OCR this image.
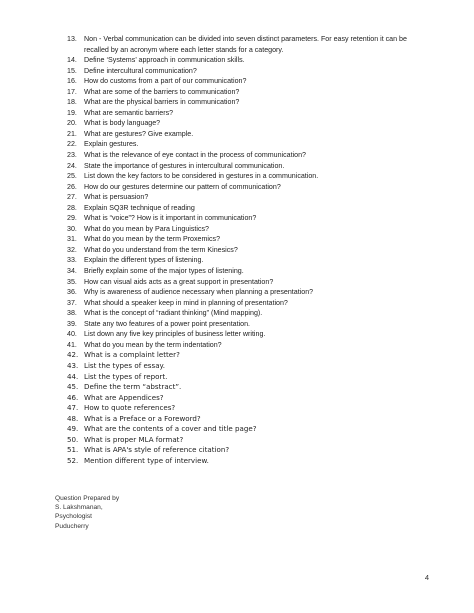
13.	Non - Verbal communication can be divided into seven distinct parameters. For easy retention it can be recalled by an acronym where each letter stands for a category.
14.	Define ‘Systems’ approach in communication skills.
15.	Define intercultural communication?
16.	How do customs from a part of our communication?
17.	What are some of the barriers to communication?
18.	What are the physical barriers in communication?
19.	What are semantic barriers?
20.	What is body language?
21.	What are gestures? Give example.
22.	Explain gestures.
23.	What is the relevance of eye contact in the process of communication?
24.	State the importance of gestures in intercultural communication.
25.	List down the key factors to be considered in gestures in a communication.
26.	How do our gestures determine our pattern of communication?
27.	What is persuasion?
28.	Explain SQ3R technique of reading
29.	What is “voice”? How is it important in communication?
30.	What do you mean by Para Linguistics?
31.	What do you mean by the term Proxemics?
32.	What do you understand from the term Kinesics?
33.	Explain the different types of listening.
34.	Briefly explain some of the major types of listening.
35.	How can visual aids acts as a great support in presentation?
36.	Why is awareness of audience necessary when planning a presentation?
37.	What should a speaker keep in mind in planning of presentation?
38.	What is the concept of “radiant thinking” (Mind mapping).
39.	State any two features of a power point presentation.
40.	List down any five key principles of business letter writing.
41.	What do you mean by the term indentation?
42. What is a complaint letter?
43. List the types of essay.
44. List the types of report.
45. Define the term “abstract”.
46. What are Appendices?
47. How to quote references?
48. What is a Preface or a Foreword?
49. What are the contents of a cover and title page?
50. What is proper MLA format?
51. What is APA's style of reference citation?
52. Mention different type of interview.
Question Prepared by
S. Lakshmanan,
Psychologist
Puducherry
4
